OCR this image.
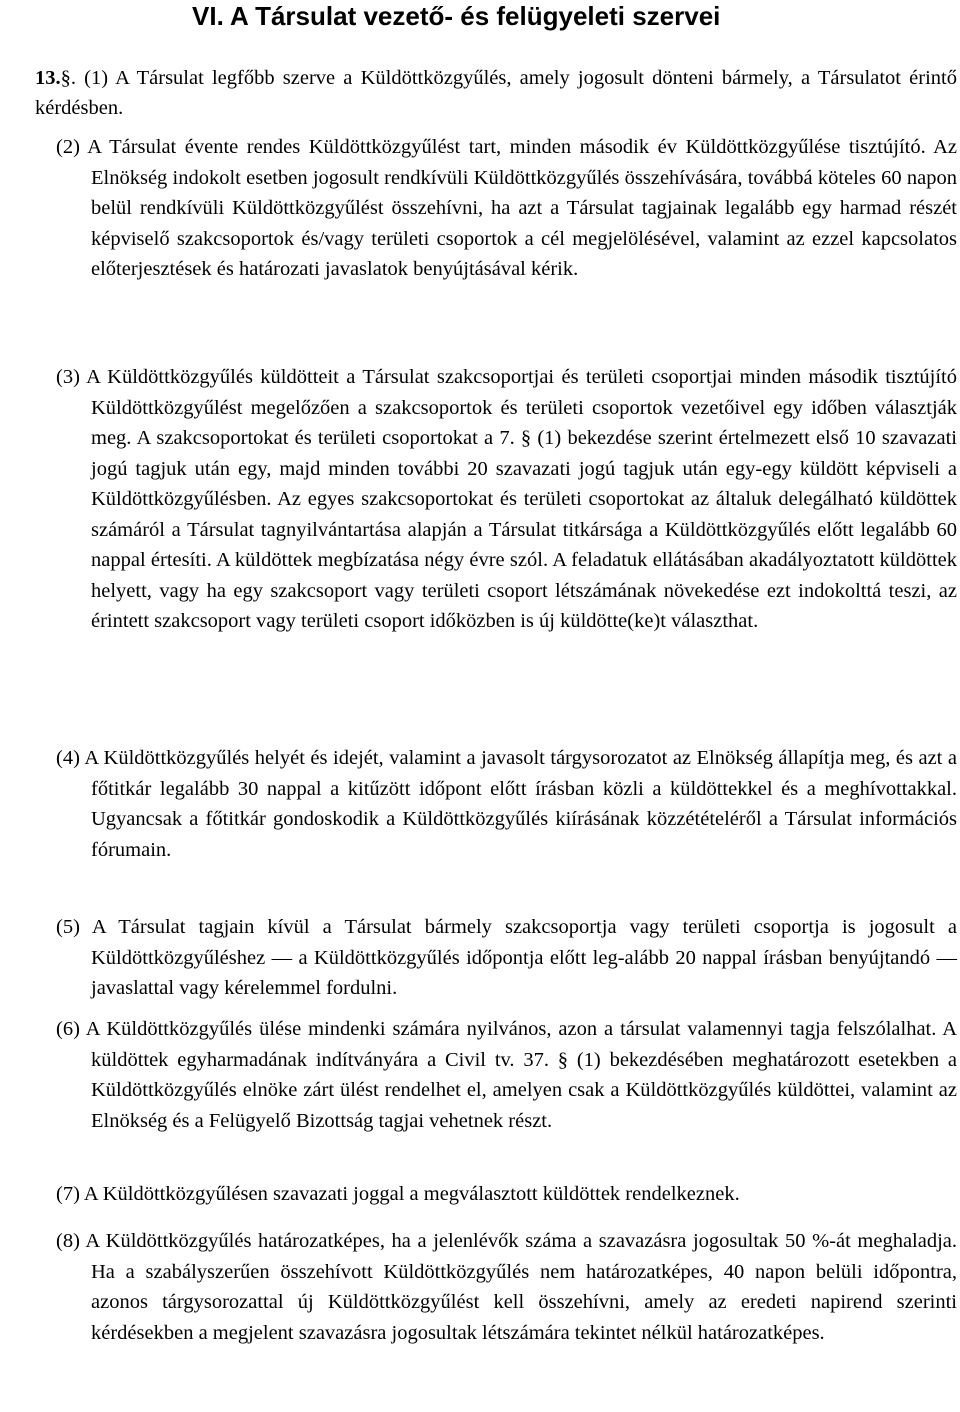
VI. A Társulat vezető- és felügyeleti szervei

13.§. (1) A Társulat legfőbb szerve a Küldöttközgyűlés, amely jogosult dönteni bármely, a Társulatot érintő kérdésben.

(2) A Társulat évente rendes Küldöttközgyűlést tart, minden második év Küldöttközgyűlése tisztújító. Az Elnökség indokolt esetben jogosult rendkívüli Küldöttközgyűlés összehívására, továbbá köteles 60 napon belül rendkívüli Küldöttközgyűlést összehívni, ha azt a Társulat tagjainak legalább egy harmad részét képviselő szakcsoportok és/vagy területi csoportok a cél megjelölésével, valamint az ezzel kapcsolatos előterjesztések és határozati javaslatok benyújtásával kérik.

(3) A Küldöttközgyűlés küldötteit a Társulat szakcsoportjai és területi csoportjai minden második tisztújító Küldöttközgyűlést megelőzően a szakcsoportok és területi csoportok vezetőivel egy időben választják meg. A szakcsoportokat és területi csoportokat a 7. § (1) bekezdése szerint értelmezett első 10 szavazati jogú tagjuk után egy, majd minden további 20 szavazati jogú tagjuk után egy-egy küldött képviseli a Küldöttközgyűlésben. Az egyes szakcsoportokat és területi csoportokat az általuk delegálható küldöttek számáról a Társulat tagnyilvántartása alapján a Társulat titkársága a Küldöttközgyűlés előtt legalább 60 nappal értesíti. A küldöttek megbízatása négy évre szól. A feladatuk ellátásában akadályoztatott küldöttek helyett, vagy ha egy szakcsoport vagy területi csoport létszámának növekedése ezt indokolttá teszi, az érintett szakcsoport vagy területi csoport időközben is új küldötte(ke)t választhat.

(4) A Küldöttközgyűlés helyét és idejét, valamint a javasolt tárgysorozatot az Elnökség állapítja meg, és azt a főtitkár legalább 30 nappal a kitűzött időpont előtt írásban közli a küldöttekkel és a meghívottakkal. Ugyancsak a főtitkár gondoskodik a Küldöttközgyűlés kiírásának közzétételéről a Társulat információs fórumain.

(5) A Társulat tagjain kívül a Társulat bármely szakcsoportja vagy területi csoportja is jogosult a Küldöttközgyűléshez — a Küldöttközgyűlés időpontja előtt leg-alább 20 nappal írásban benyújtandó — javaslattal vagy kérelemmel fordulni.

(6) A Küldöttközgyűlés ülése mindenki számára nyilvános, azon a társulat valamennyi tagja felszólalhat. A küldöttek egyharmadának indítványára a Civil tv. 37. § (1) bekezdésében meghatározott esetekben a Küldöttközgyűlés elnöke zárt ülést rendelhet el, amelyen csak a Küldöttközgyűlés küldöttei, valamint az Elnökség és a Felügyelő Bizottság tagjai vehetnek részt.

(7) A Küldöttközgyűlésen szavazati joggal a megválasztott küldöttek rendelkeznek.

(8) A Küldöttközgyűlés határozatképes, ha a jelenlévők száma a szavazásra jogosultak 50 %-át meghaladja. Ha a szabályszerűen összehívott Küldöttközgyűlés nem határozatképes, 40 napon belüli időpontra, azonos tárgysorozattal új Küldöttközgyűlést kell összehívni, amely az eredeti napirend szerinti kérdésekben a megjelent szavazásra jogosultak létszámára tekintet nélkül határozatképes.
